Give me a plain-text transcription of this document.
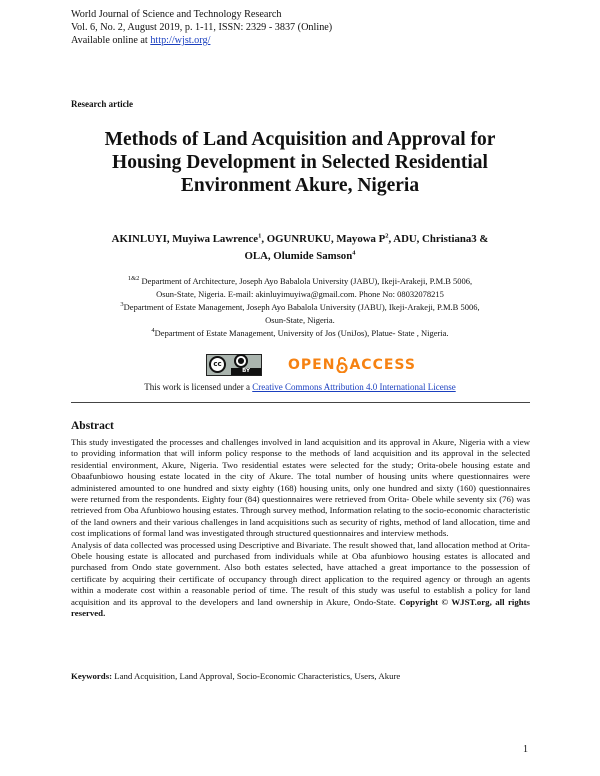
World Journal of Science and Technology Research
Vol. 6, No. 2, August 2019, p. 1-11, ISSN: 2329 - 3837 (Online)
Available online at http://wjst.org/
Research article
Methods of Land Acquisition and Approval for
Housing Development in Selected Residential
Environment Akure, Nigeria
AKINLUYI, Muyiwa Lawrence$^1$, OGUNRUKU, Mayowa $P^2$, ADU, Christiana3 &
OLA, Olumide Samson$^4$

$^{1\&2}$ Department of Architecture, Joseph Ayo Babalola University (JABU), Ikeji-Arakeji, P.M.B 5006,

Osun-State, Nigeria. E-mail: akinluyimuyiwa@gmail.com. Phone No: 08032078215

$^3$Department of Estate Management, Joseph Ayo Babalola University (JABU), Ikeji-Arakeji, P.M.B 5006,

Osun-State, Nigeria.

$^4$Department of Estate Management, University of Jos (UniJos), Platue- State , Nigeria.

cc	●
BY	OPEN ACCESS
This work is licensed under a Creative Commons Attribution 4.0 International License
Abstract

This study investigated the processes and challenges involved in land acquisition and its approval in Akure, Nigeria with a view to providing information that will inform policy response to the methods of land acquisition and its approval in the selected residential environment, Akure, Nigeria. Two residential estates were selected for the study; Orita-obele housing estate and Obaafunbiowo housing estate located in the city of Akure. The total number of housing units where questionnaires were administered amounted to one hundred and sixty eighty (168) housing units, only one hundred and sixty (160) questionnaires were returned from the respondents. Eighty four (84) questionnaires were retrieved from Orita- Obele while seventy six (76) was retrieved from Oba Afunbiowo housing estates. Through survey method, Information relating to the socio-economic characteristic of the land owners and their various challenges in land acquisitions such as security of rights, method of land allocation, time and cost implications of formal land was investigated through structured questionnaires and interview methods.

Analysis of data collected was processed using Descriptive and Bivariate. The result showed that, land allocation method at Orita-Obele housing estate is allocated and purchased from individuals while at Oba afunbiowo housing estates is allocated and purchased from Ondo state government. Also both estates selected, have attached a great importance to the possession of certificate by acquiring their certificate of occupancy through direct application to the required agency or through an agents within a moderate cost within a reasonable period of time. The result of this study was useful to establish a policy for land acquisition and its approval to the developers and land ownership in Akure, Ondo-State. Copyright © WJST.org, all rights reserved.

Keywords: Land Acquisition, Land Approval, Socio-Economic Characteristics, Users, Akure
1
